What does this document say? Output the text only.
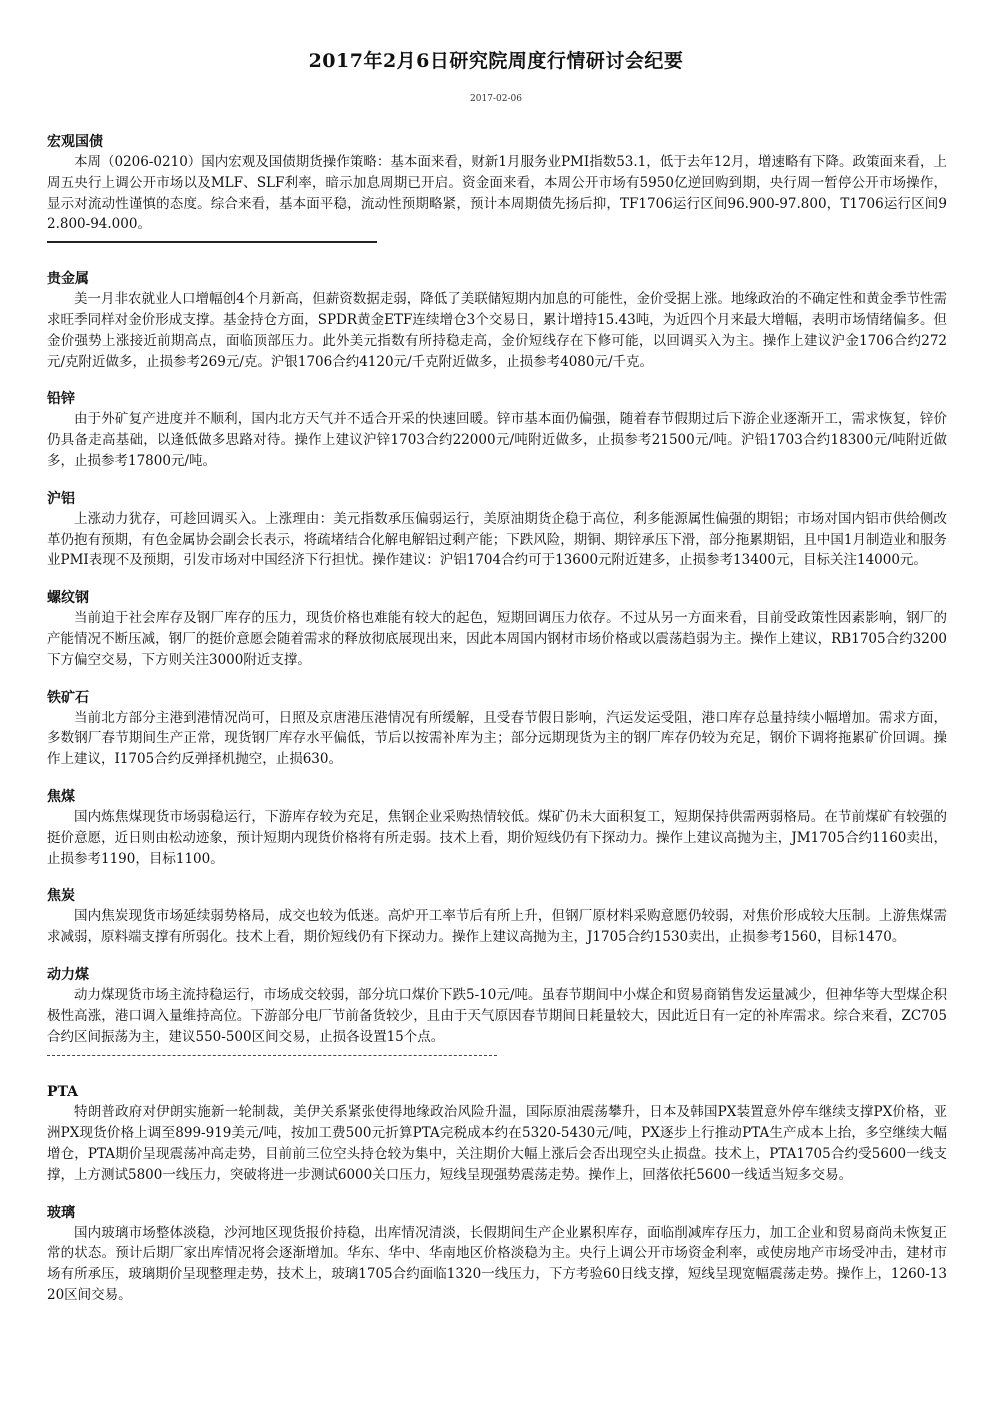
2017年2月6日研究院周度行情研讨会纪要
2017-02-06
宏观国债

本周（0206-0210）国内宏观及国债期货操作策略：基本面来看，财新1月服务业PMI指数53.1，低于去年12月，增速略有下降。政策面来看，上周五央行上调公开市场以及MLF、SLF利率，暗示加息周期已开启。资金面来看，本周公开市场有5950亿逆回购到期，央行周一暂停公开市场操作，显示对流动性谨慎的态度。综合来看，基本面平稳，流动性预期略紧，预计本周期债先扬后抑，TF1706运行区间96.900-97.800，T1706运行区间92.800-94.000。

贵金属

美一月非农就业人口增幅创4个月新高，但薪资数据走弱，降低了美联储短期内加息的可能性，金价受据上涨。地缘政治的不确定性和黄金季节性需求旺季同样对金价形成支撑。基金持仓方面，SPDR黄金ETF连续增仓3个交易日，累计增持15.43吨，为近四个月来最大增幅，表明市场情绪偏多。但金价强势上涨接近前期高点，面临顶部压力。此外美元指数有所持稳走高，金价短线存在下修可能，以回调买入为主。操作上建议沪金1706合约272元/克附近做多，止损参考269元/克。沪银1706合约4120元/千克附近做多，止损参考4080元/千克。

铅锌

由于外矿复产进度并不顺利，国内北方天气并不适合开采的快速回暖。锌市基本面仍偏强，随着春节假期过后下游企业逐渐开工，需求恢复，锌价仍具备走高基础，以逢低做多思路对待。操作上建议沪锌1703合约22000元/吨附近做多，止损参考21500元/吨。沪铅1703合约18300元/吨附近做多，止损参考17800元/吨。

沪铝

上涨动力犹存，可趁回调买入。上涨理由：美元指数承压偏弱运行，美原油期货企稳于高位，利多能源属性偏强的期铝；市场对国内铝市供给侧改革仍抱有预期，有色金属协会副会长表示，将疏堵结合化解电解铝过剩产能；下跌风险，期铜、期锌承压下滑，部分拖累期铝，且中国1月制造业和服务业PMI表现不及预期，引发市场对中国经济下行担忧。操作建议：沪铝1704合约可于13600元附近建多，止损参考13400元，目标关注14000元。

螺纹钢

当前迫于社会库存及钢厂库存的压力，现货价格也难能有较大的起色，短期回调压力依存。不过从另一方面来看，目前受政策性因素影响，钢厂的产能情况不断压减，钢厂的挺价意愿会随着需求的释放彻底展现出来，因此本周国内钢材市场价格或以震荡趋弱为主。操作上建议，RB1705合约3200下方偏空交易，下方则关注3000附近支撑。

铁矿石

当前北方部分主港到港情况尚可，日照及京唐港压港情况有所缓解，且受春节假日影响，汽运发运受阻，港口库存总量持续小幅增加。需求方面，多数钢厂春节期间生产正常，现货钢厂库存水平偏低，节后以按需补库为主；部分远期现货为主的钢厂库存仍较为充足，钢价下调将拖累矿价回调。操作上建议，I1705合约反弹择机抛空，止损630。

焦煤

国内炼焦煤现货市场弱稳运行，下游库存较为充足，焦钢企业采购热情较低。煤矿仍未大面积复工，短期保持供需两弱格局。在节前煤矿有较强的挺价意愿，近日则由松动迹象，预计短期内现货价格将有所走弱。技术上看，期价短线仍有下探动力。操作上建议高抛为主，JM1705合约1160卖出，止损参考1190，目标1100。

焦炭

国内焦炭现货市场延续弱势格局，成交也较为低迷。高炉开工率节后有所上升，但钢厂原材料采购意愿仍较弱，对焦价形成较大压制。上游焦煤需求减弱，原料端支撑有所弱化。技术上看，期价短线仍有下探动力。操作上建议高抛为主，J1705合约1530卖出，止损参考1560，目标1470。

动力煤

动力煤现货市场主流持稳运行，市场成交较弱，部分坑口煤价下跌5-10元/吨。虽春节期间中小煤企和贸易商销售发运量减少，但神华等大型煤企积极性高涨，港口调入量维持高位。下游部分电厂节前备货较少，且由于天气原因春节期间日耗量较大，因此近日有一定的补库需求。综合来看，ZC705合约区间振荡为主，建议550-500区间交易，止损各设置15个点。

PTA

特朗普政府对伊朗实施新一轮制裁，美伊关系紧张使得地缘政治风险升温，国际原油震荡攀升，日本及韩国PX装置意外停车继续支撑PX价格，亚洲PX现货价格上调至899-919美元/吨，按加工费500元折算PTA完税成本约在5320-5430元/吨，PX逐步上行推动PTA生产成本上抬，多空继续大幅增仓，PTA期价呈现震荡冲高走势，目前前三位空头持仓较为集中，关注期价大幅上涨后会否出现空头止损盘。技术上，PTA1705合约受5600一线支撑，上方测试5800一线压力，突破将进一步测试6000关口压力，短线呈现强势震荡走势。操作上，回落依托5600一线适当短多交易。

玻璃

国内玻璃市场整体淡稳，沙河地区现货报价持稳，出库情况清淡，长假期间生产企业累积库存，面临削减库存压力，加工企业和贸易商尚未恢复正常的状态。预计后期厂家出库情况将会逐渐增加。华东、华中、华南地区价格淡稳为主。央行上调公开市场资金利率，或使房地产市场受冲击，建材市场有所承压，玻璃期价呈现整理走势，技术上，玻璃1705合约面临1320一线压力，下方考验60日线支撑，短线呈现宽幅震荡走势。操作上，1260-1320区间交易。
